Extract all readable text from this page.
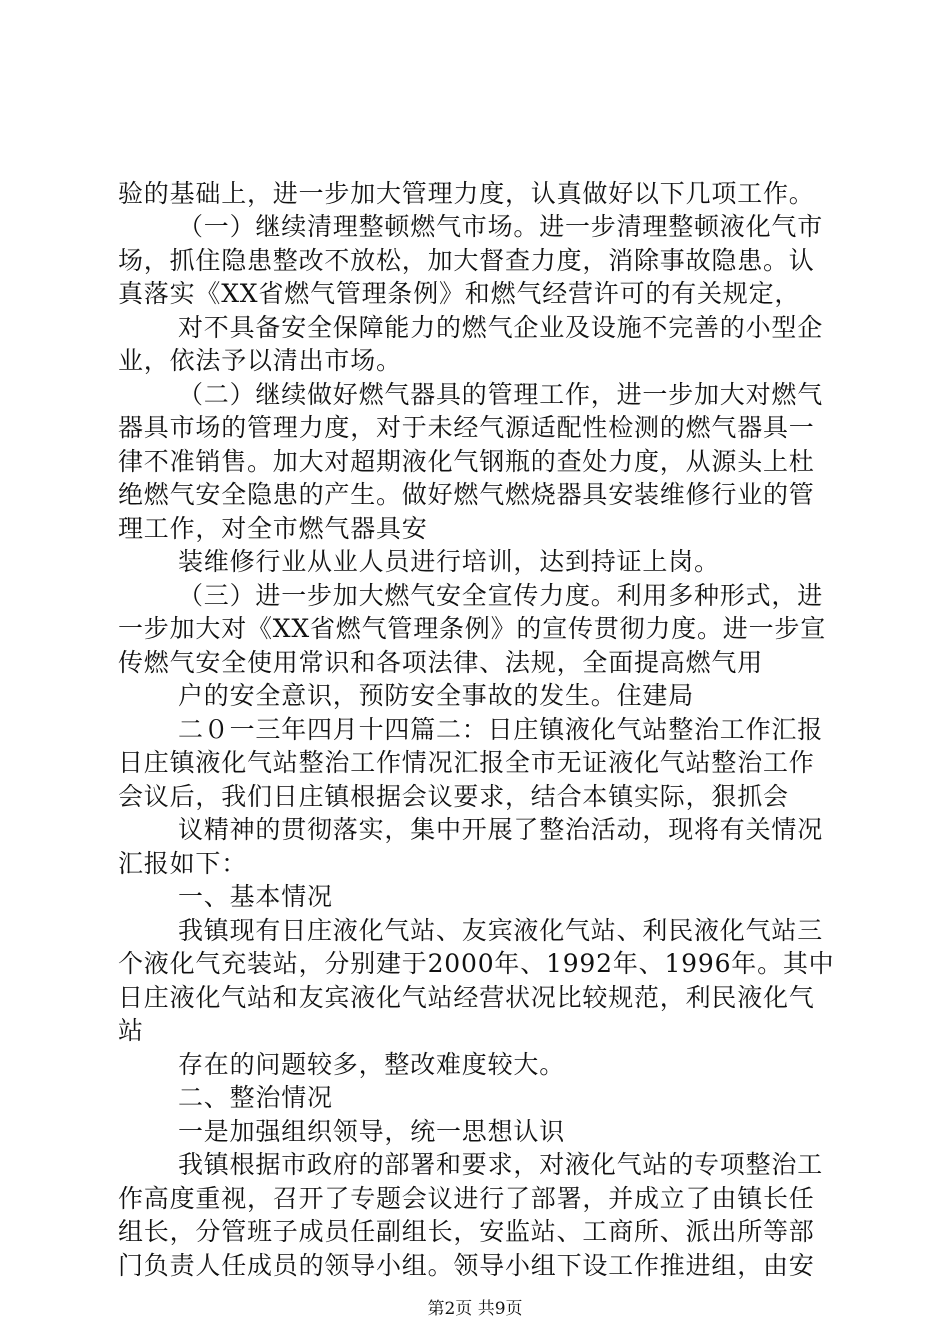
验的基础上，进一步加大管理力度，认真做好以下几项工作。
（一）继续清理整顿燃气市场。进一步清理整顿液化气市
场，抓住隐患整改不放松，加大督查力度，消除事故隐患。认
真落实《XX省燃气管理条例》和燃气经营许可的有关规定，
对不具备安全保障能力的燃气企业及设施不完善的小型企
业，依法予以清出市场。
（二）继续做好燃气器具的管理工作，进一步加大对燃气
器具市场的管理力度，对于未经气源适配性检测的燃气器具一
律不准销售。加大对超期液化气钢瓶的查处力度，从源头上杜
绝燃气安全隐患的产生。做好燃气燃烧器具安装维修行业的管
理工作，对全市燃气器具安
装维修行业从业人员进行培训，达到持证上岗。
（三）进一步加大燃气安全宣传力度。利用多种形式，进
一步加大对《XX省燃气管理条例》的宣传贯彻力度。进一步宣
传燃气安全使用常识和各项法律、法规，全面提高燃气用
户的安全意识，预防安全事故的发生。住建局
二０一三年四月十四篇二：日庄镇液化气站整治工作汇报
日庄镇液化气站整治工作情况汇报全市无证液化气站整治工作
会议后，我们日庄镇根据会议要求，结合本镇实际，狠抓会
议精神的贯彻落实，集中开展了整治活动，现将有关情况
汇报如下：
一、基本情况
我镇现有日庄液化气站、友宾液化气站、利民液化气站三
个液化气充装站，分别建于2000年、1992年、1996年。其中
日庄液化气站和友宾液化气站经营状况比较规范，利民液化气
站
存在的问题较多，整改难度较大。
二、整治情况
一是加强组织领导，统一思想认识
我镇根据市政府的部署和要求，对液化气站的专项整治工
作高度重视，召开了专题会议进行了部署，并成立了由镇长任
组长，分管班子成员任副组长，安监站、工商所、派出所等部
门负责人任成员的领导小组。领导小组下设工作推进组，由安
第2页 共9页
